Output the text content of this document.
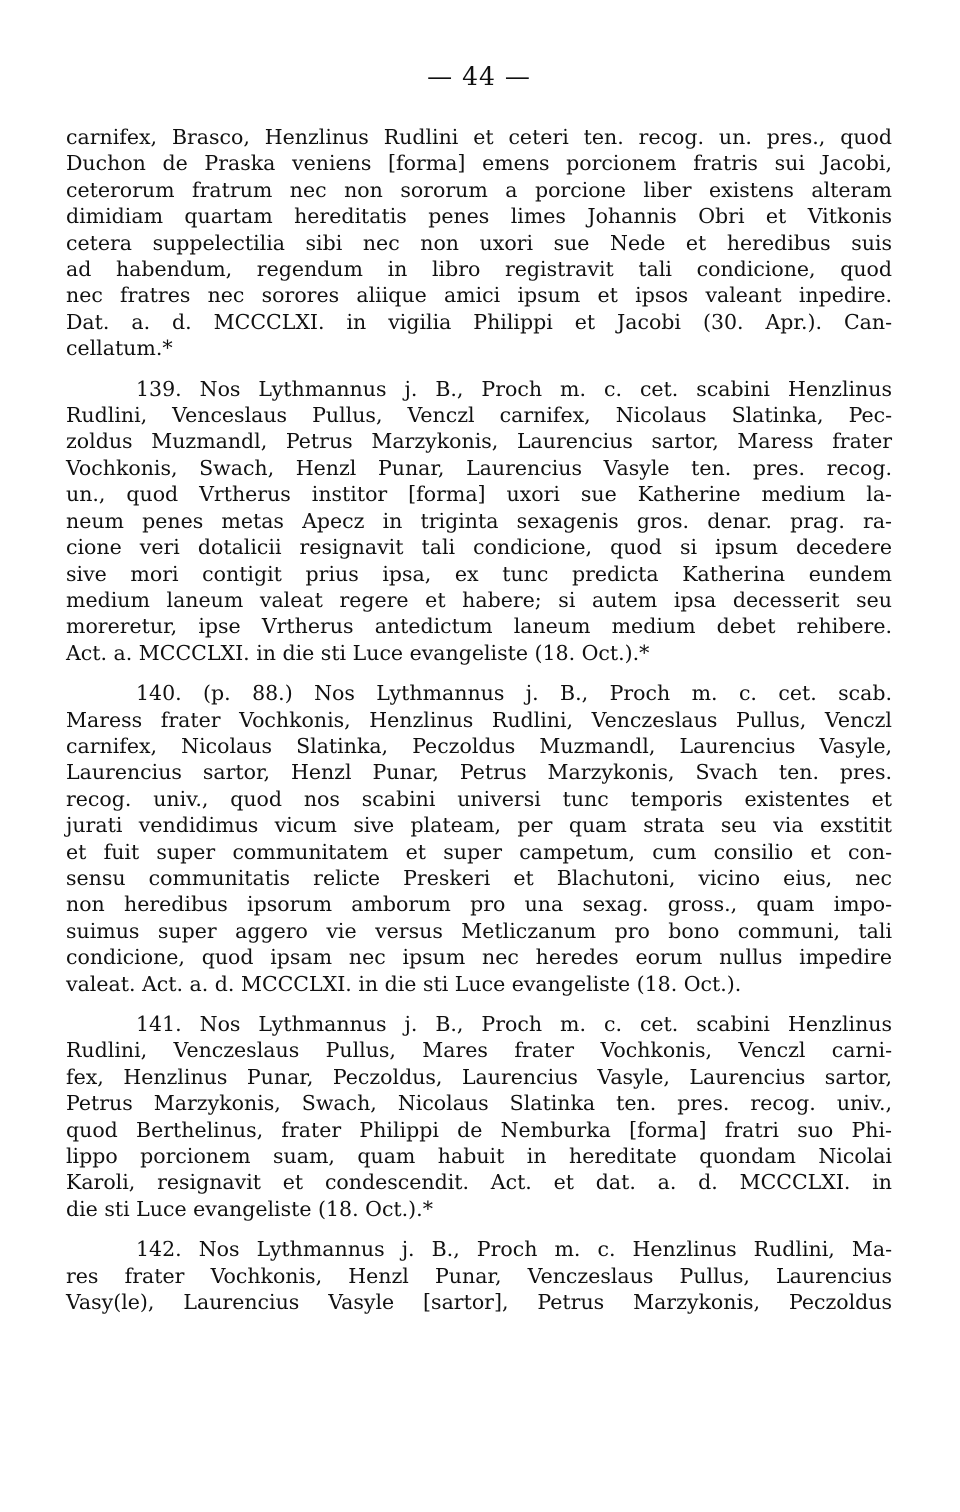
— 44 —

carnifex, Brasco, Henzlinus Rudlini et ceteri ten. recog. un. pres., quod
Duchon de Praska veniens [forma] emens porcionem fratris sui Jacobi,
ceterorum fratrum nec non sororum a porcione liber existens alteram
dimidiam quartam hereditatis penes limes Johannis Obri et Vitkonis
cetera suppelectilia sibi nec non uxori sue Nede et heredibus suis
ad habendum, regendum in libro registravit tali condicione, quod
nec fratres nec sorores aliique amici ipsum et ipsos valeant inpedire.
Dat. a. d. MCCCLXI. in vigilia Philippi et Jacobi (30. Apr.). Can-
cellatum.*

139. Nos Lythmannus j. B., Proch m. c. cet. scabini Henzlinus
Rudlini, Venceslaus Pullus, Venczl carnifex, Nicolaus Slatinka, Pec-
zoldus Muzmandl, Petrus Marzykonis, Laurencius sartor, Maress frater
Vochkonis, Swach, Henzl Punar, Laurencius Vasyle ten. pres. recog.
un., quod Vrtherus institor [forma] uxori sue Katherine medium la-
neum penes metas Apecz in triginta sexagenis gros. denar. prag. ra-
cione veri dotalicii resignavit tali condicione, quod si ipsum decedere
sive mori contigit prius ipsa, ex tunc predicta Katherina eundem
medium laneum valeat regere et habere; si autem ipsa decesserit seu
moreretur, ipse Vrtherus antedictum laneum medium debet rehibere.
Act. a. MCCCLXI. in die sti Luce evangeliste (18. Oct.).*

140. (p. 88.) Nos Lythmannus j. B., Proch m. c. cet. scab.
Maress frater Vochkonis, Henzlinus Rudlini, Venczeslaus Pullus, Venczl
carnifex, Nicolaus Slatinka, Peczoldus Muzmandl, Laurencius Vasyle,
Laurencius sartor, Henzl Punar, Petrus Marzykonis, Svach ten. pres.
recog. univ., quod nos scabini universi tunc temporis existentes et
jurati vendidimus vicum sive plateam, per quam strata seu via exstitit
et fuit super communitatem et super campetum, cum consilio et con-
sensu communitatis relicte Preskeri et Blachutoni, vicino eius, nec
non heredibus ipsorum amborum pro una sexag. gross., quam impo-
suimus super aggero vie versus Metliczanum pro bono communi, tali
condicione, quod ipsam nec ipsum nec heredes eorum nullus impedire
valeat. Act. a. d. MCCCLXI. in die sti Luce evangeliste (18. Oct.).

141. Nos Lythmannus j. B., Proch m. c. cet. scabini Henzlinus
Rudlini, Venczeslaus Pullus, Mares frater Vochkonis, Venczl carni-
fex, Henzlinus Punar, Peczoldus, Laurencius Vasyle, Laurencius sartor,
Petrus Marzykonis, Swach, Nicolaus Slatinka ten. pres. recog. univ.,
quod Berthelinus, frater Philippi de Nemburka [forma] fratri suo Phi-
lippo porcionem suam, quam habuit in hereditate quondam Nicolai
Karoli, resignavit et condescendit. Act. et dat. a. d. MCCCLXI. in
die sti Luce evangeliste (18. Oct.).*

142. Nos Lythmannus j. B., Proch m. c. Henzlinus Rudlini, Ma-
res frater Vochkonis, Henzl Punar, Venczeslaus Pullus, Laurencius
Vasy(le), Laurencius Vasyle [sartor], Petrus Marzykonis, Peczoldus
